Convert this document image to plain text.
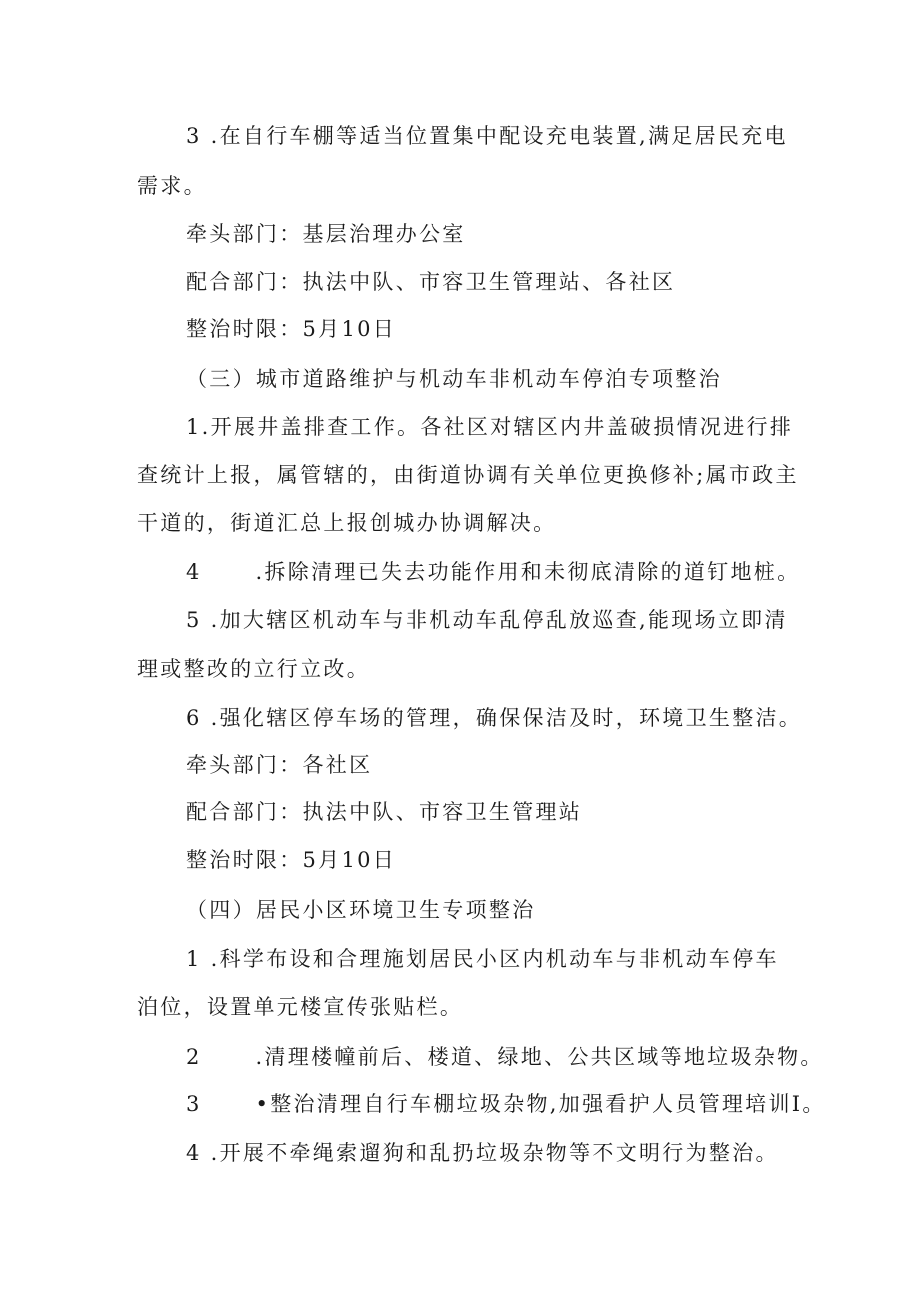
3 .在自行车棚等适当位置集中配设充电装置,满足居民充电
需求。
牵头部门：基层治理办公室
配合部门：执法中队、市容卫生管理站、各社区
整治时限：5月10日
（三）城市道路维护与机动车非机动车停泊专项整治
1.开展井盖排查工作。各社区对辖区内井盖破损情况进行排
查统计上报，属管辖的，由街道协调有关单位更换修补;属市政主
干道的，街道汇总上报创城办协调解决。
4      .拆除清理已失去功能作用和未彻底清除的道钉地桩。
5 .加大辖区机动车与非机动车乱停乱放巡查,能现场立即清
理或整改的立行立改。
6 .强化辖区停车场的管理，确保保洁及时，环境卫生整洁。
牵头部门：各社区
配合部门：执法中队、市容卫生管理站
整治时限：5月10日
（四）居民小区环境卫生专项整治
1 .科学布设和合理施划居民小区内机动车与非机动车停车
泊位，设置单元楼宣传张贴栏。
2      .清理楼幢前后、楼道、绿地、公共区域等地垃圾杂物。
3      •整治清理自行车棚垃圾杂物,加强看护人员管理培训I。
4 .开展不牵绳索遛狗和乱扔垃圾杂物等不文明行为整治。
